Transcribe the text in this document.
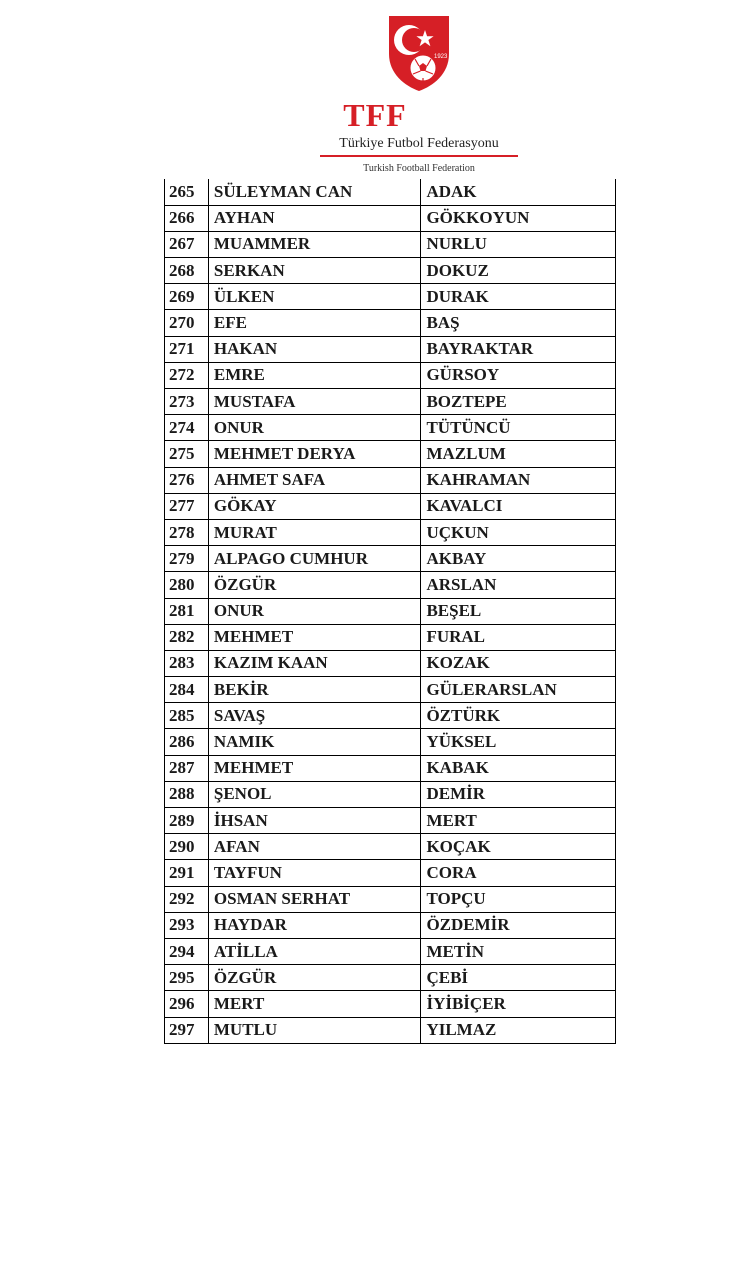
1923
TFF
Türkiye Futbol Federasyonu
Turkish Football Federation
265	SÜLEYMAN CAN	ADAK
266	AYHAN	GÖKKOYUN
267	MUAMMER	NURLU
268	SERKAN	DOKUZ
269	ÜLKEN	DURAK
270	EFE	BAŞ
271	HAKAN	BAYRAKTAR
272	EMRE	GÜRSOY
273	MUSTAFA	BOZTEPE
274	ONUR	TÜTÜNCÜ
275	MEHMET DERYA	MAZLUM
276	AHMET SAFA	KAHRAMAN
277	GÖKAY	KAVALCI
278	MURAT	UÇKUN
279	ALPAGO CUMHUR	AKBAY
280	ÖZGÜR	ARSLAN
281	ONUR	BEŞEL
282	MEHMET	FURAL
283	KAZIM KAAN	KOZAK
284	BEKİR	GÜLERARSLAN
285	SAVAŞ	ÖZTÜRK
286	NAMIK	YÜKSEL
287	MEHMET	KABAK
288	ŞENOL	DEMİR
289	İHSAN	MERT
290	AFAN	KOÇAK
291	TAYFUN	CORA
292	OSMAN SERHAT	TOPÇU
293	HAYDAR	ÖZDEMİR
294	ATİLLA	METİN
295	ÖZGÜR	ÇEBİ
296	MERT	İYİBİÇER
297	MUTLU	YILMAZ
